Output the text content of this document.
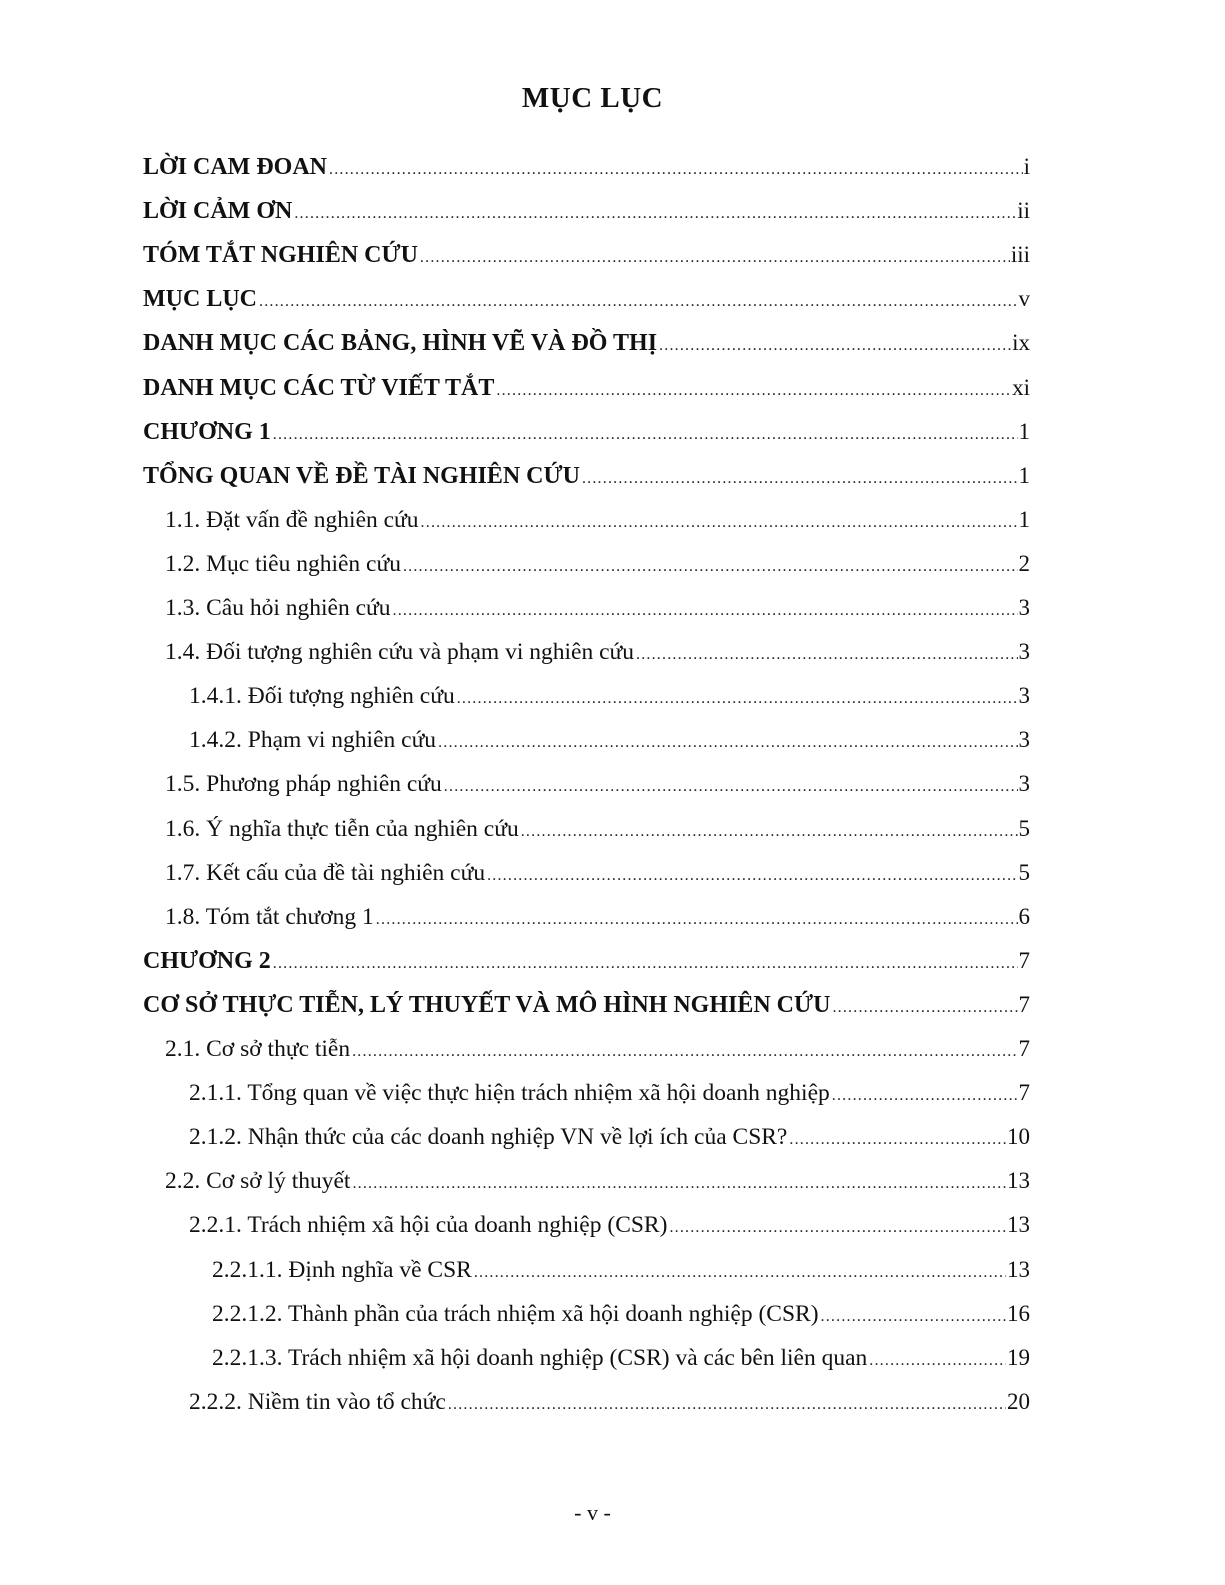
MỤC LỤC
LỜI CAM ĐOAN .....	i
LỜI CẢM ƠN .....	ii
TÓM TẮT NGHIÊN CỨU .....	iii
MỤC LỤC .....	v
DANH MỤC CÁC BẢNG, HÌNH VẼ VÀ ĐỒ THỊ .....	ix
DANH MỤC CÁC TỪ VIẾT TẮT .....	xi
CHƯƠNG 1 .....	1
TỔNG QUAN VỀ ĐỀ TÀI NGHIÊN CỨU .....	1
1.1. Đặt vấn đề nghiên cứu .....	1
1.2. Mục tiêu nghiên cứu .....	2
1.3. Câu hỏi nghiên cứu .....	3
1.4. Đối tượng nghiên cứu và phạm vi nghiên cứu .....	3
1.4.1. Đối tượng nghiên cứu .....	3
1.4.2. Phạm vi nghiên cứu .....	3
1.5. Phương pháp nghiên cứu .....	3
1.6. Ý nghĩa thực tiễn của nghiên cứu .....	5
1.7. Kết cấu của đề tài nghiên cứu .....	5
1.8. Tóm tắt chương 1 .....	6
CHƯƠNG 2 .....	7
CƠ SỞ THỰC TIỄN, LÝ THUYẾT VÀ MÔ HÌNH NGHIÊN CỨU .....	7
2.1. Cơ sở thực tiễn .....	7
2.1.1. Tổng quan về việc thực hiện trách nhiệm xã hội doanh nghiệp .....	7
2.1.2. Nhận thức của các doanh nghiệp VN về lợi ích của CSR? .....	10
2.2. Cơ sở lý thuyết .....	13
2.2.1. Trách nhiệm xã hội của doanh nghiệp (CSR) .....	13
2.2.1.1. Định nghĩa về CSR .....	13
2.2.1.2. Thành phần của trách nhiệm xã hội doanh nghiệp (CSR) .....	16
2.2.1.3. Trách nhiệm xã hội doanh nghiệp (CSR) và các bên liên quan .....	19
2.2.2. Niềm tin vào tổ chức .....	20
- v -
